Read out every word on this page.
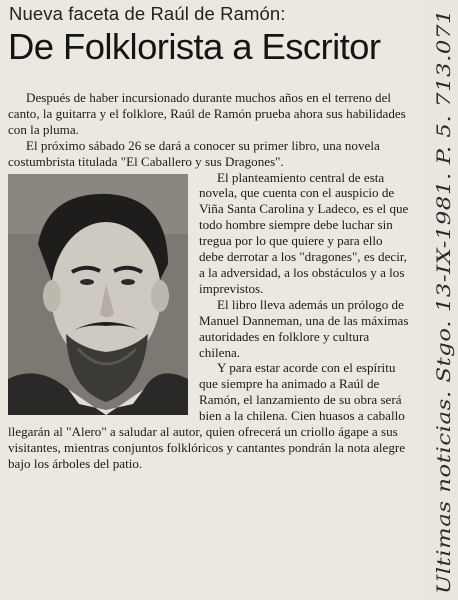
Nueva faceta de Raúl de Ramón:
De Folklorista a Escritor

Después de haber incursionado durante muchos años en el terreno del canto, la guitarra y el folklore, Raúl de Ramón prueba ahora sus habilidades con la pluma.

El próximo sábado 26 se dará a conocer su primer libro, una novela costumbrista titulada "El Caballero y sus Dragones".

El planteamiento central de esta novela, que cuenta con el auspicio de Viña Santa Carolina y Ladeco, es el que todo hombre siempre debe luchar sin tregua por lo que quiere y para ello debe derrotar a los "dragones", es decir, a la adversidad, a los obstáculos y a los imprevistos.

El libro lleva además un prólogo de Manuel Danneman, una de las máximas autoridades en folklore y cultura chilena.

Y para estar acorde con el espíritu que siempre ha animado a Raúl de Ramón, el lanzamiento de su obra será bien a la chilena. Cien huasos a caballo llegarán al "Alero" a saludar al autor, quien ofrecerá un criollo ágape a sus visitantes, mientras conjuntos folklóricos y cantantes pondrán la nota alegre bajo los árboles del patio.	Ultimas noticias. Stgo. 13-IX-1981. P. 5. 713.071
